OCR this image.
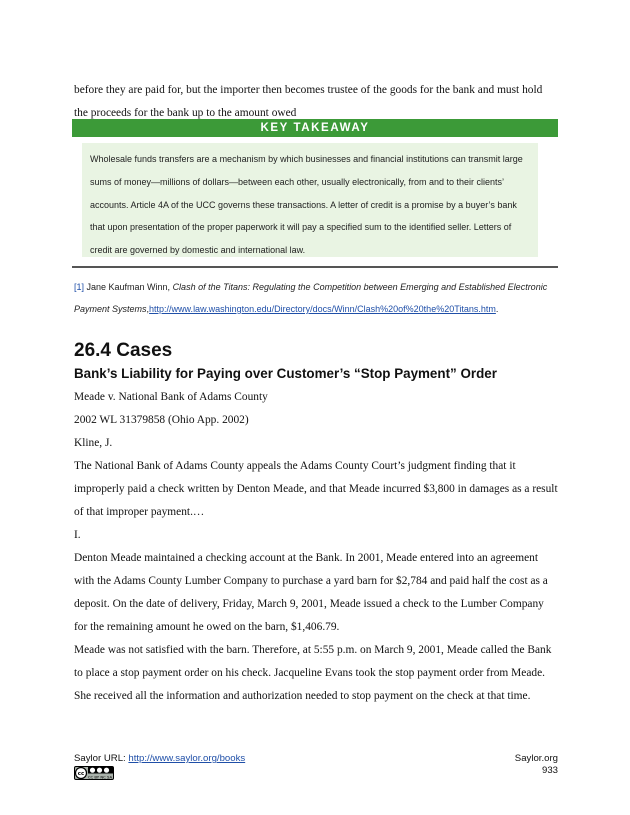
before they are paid for, but the importer then becomes trustee of the goods for the bank and must hold the proceeds for the bank up to the amount owed

KEY TAKEAWAY

Wholesale funds transfers are a mechanism by which businesses and financial institutions can transmit large sums of money—millions of dollars—between each other, usually electronically, from and to their clients’ accounts. Article 4A of the UCC governs these transactions. A letter of credit is a promise by a buyer’s bank that upon presentation of the proper paperwork it will pay a specified sum to the identified seller. Letters of credit are governed by domestic and international law.

[1] Jane Kaufman Winn, Clash of the Titans: Regulating the Competition between Emerging and Established Electronic Payment Systems,http://www.law.washington.edu/Directory/docs/Winn/Clash%20of%20the%20Titans.htm.

26.4 Cases
Bank’s Liability for Paying over Customer’s “Stop Payment” Order
Meade v. National Bank of Adams County
2002 WL 31379858 (Ohio App. 2002)
Kline, J.

The National Bank of Adams County appeals the Adams County Court’s judgment finding that it improperly paid a check written by Denton Meade, and that Meade incurred $3,800 in damages as a result of that improper payment.…

I.

Denton Meade maintained a checking account at the Bank. In 2001, Meade entered into an agreement with the Adams County Lumber Company to purchase a yard barn for $2,784 and paid half the cost as a deposit. On the date of delivery, Friday, March 9, 2001, Meade issued a check to the Lumber Company for the remaining amount he owed on the barn, $1,406.79.

Meade was not satisfied with the barn. Therefore, at 5:55 p.m. on March 9, 2001, Meade called the Bank to place a stop payment order on his check. Jacqueline Evans took the stop payment order from Meade. She received all the information and authorization needed to stop payment on the check at that time.

Saylor URL: http://www.saylor.org/books	Saylor.org
933
cc CC BY NC SA
